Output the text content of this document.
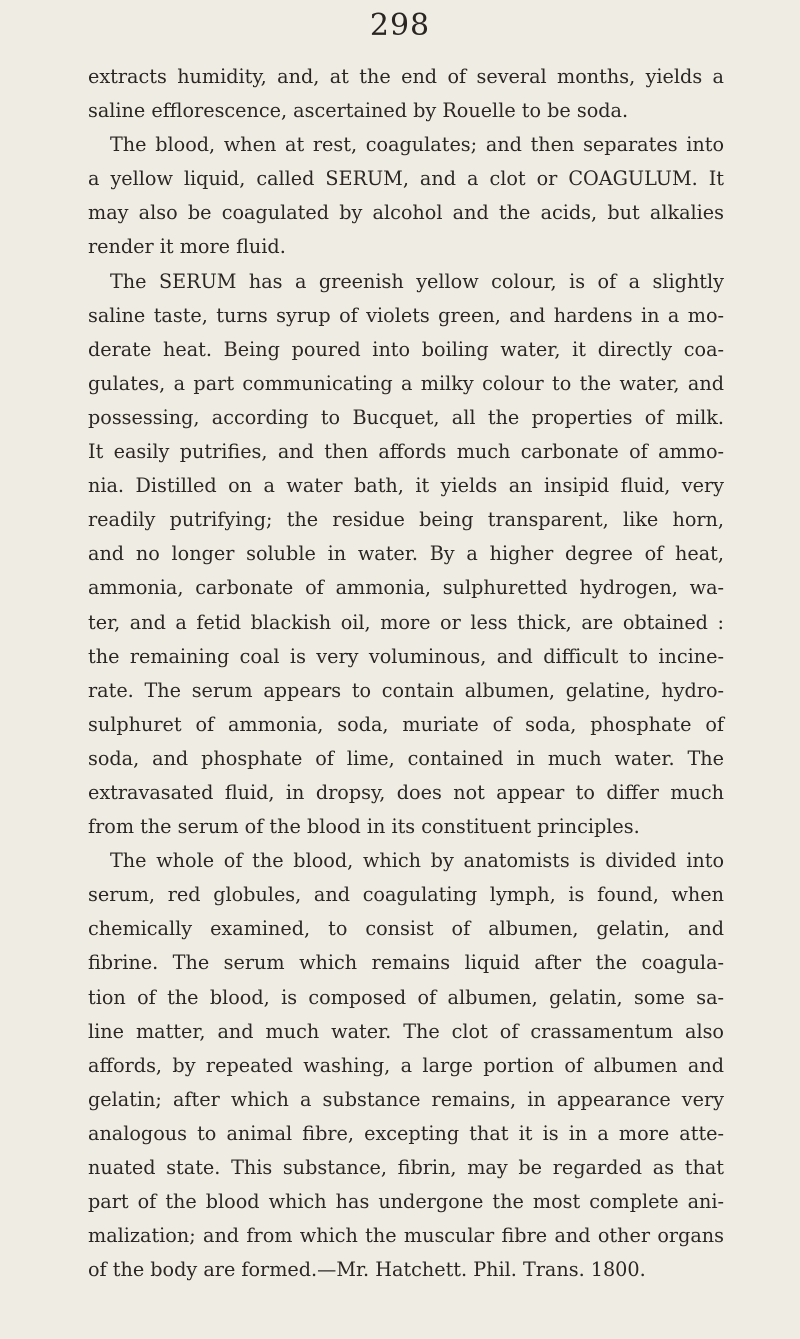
298
extracts humidity, and, at the end of several months, yields a
saline efflorescence, ascertained by Rouelle to be soda.
The blood, when at rest, coagulates; and then separates into
a yellow liquid, called SERUM, and a clot or COAGULUM. It
may also be coagulated by alcohol and the acids, but alkalies
render it more fluid.
The SERUM has a greenish yellow colour, is of a slightly
saline taste, turns syrup of violets green, and hardens in a mo-
derate heat. Being poured into boiling water, it directly coa-
gulates, a part communicating a milky colour to the water, and
possessing, according to Bucquet, all the properties of milk.
It easily putrifies, and then affords much carbonate of ammo-
nia. Distilled on a water bath, it yields an insipid fluid, very
readily putrifying; the residue being transparent, like horn,
and no longer soluble in water. By a higher degree of heat,
ammonia, carbonate of ammonia, sulphuretted hydrogen, wa-
ter, and a fetid blackish oil, more or less thick, are obtained :
the remaining coal is very voluminous, and difficult to incine-
rate. The serum appears to contain albumen, gelatine, hydro-
sulphuret of ammonia, soda, muriate of soda, phosphate of
soda, and phosphate of lime, contained in much water. The
extravasated fluid, in dropsy, does not appear to differ much
from the serum of the blood in its constituent principles.
The whole of the blood, which by anatomists is divided into
serum, red globules, and coagulating lymph, is found, when
chemically examined, to consist of albumen, gelatin, and
fibrine. The serum which remains liquid after the coagula-
tion of the blood, is composed of albumen, gelatin, some sa-
line matter, and much water. The clot of crassamentum also
affords, by repeated washing, a large portion of albumen and
gelatin; after which a substance remains, in appearance very
analogous to animal fibre, excepting that it is in a more atte-
nuated state. This substance, fibrin, may be regarded as that
part of the blood which has undergone the most complete ani-
malization; and from which the muscular fibre and other organs
of the body are formed.—Mr. Hatchett. Phil. Trans. 1800.
